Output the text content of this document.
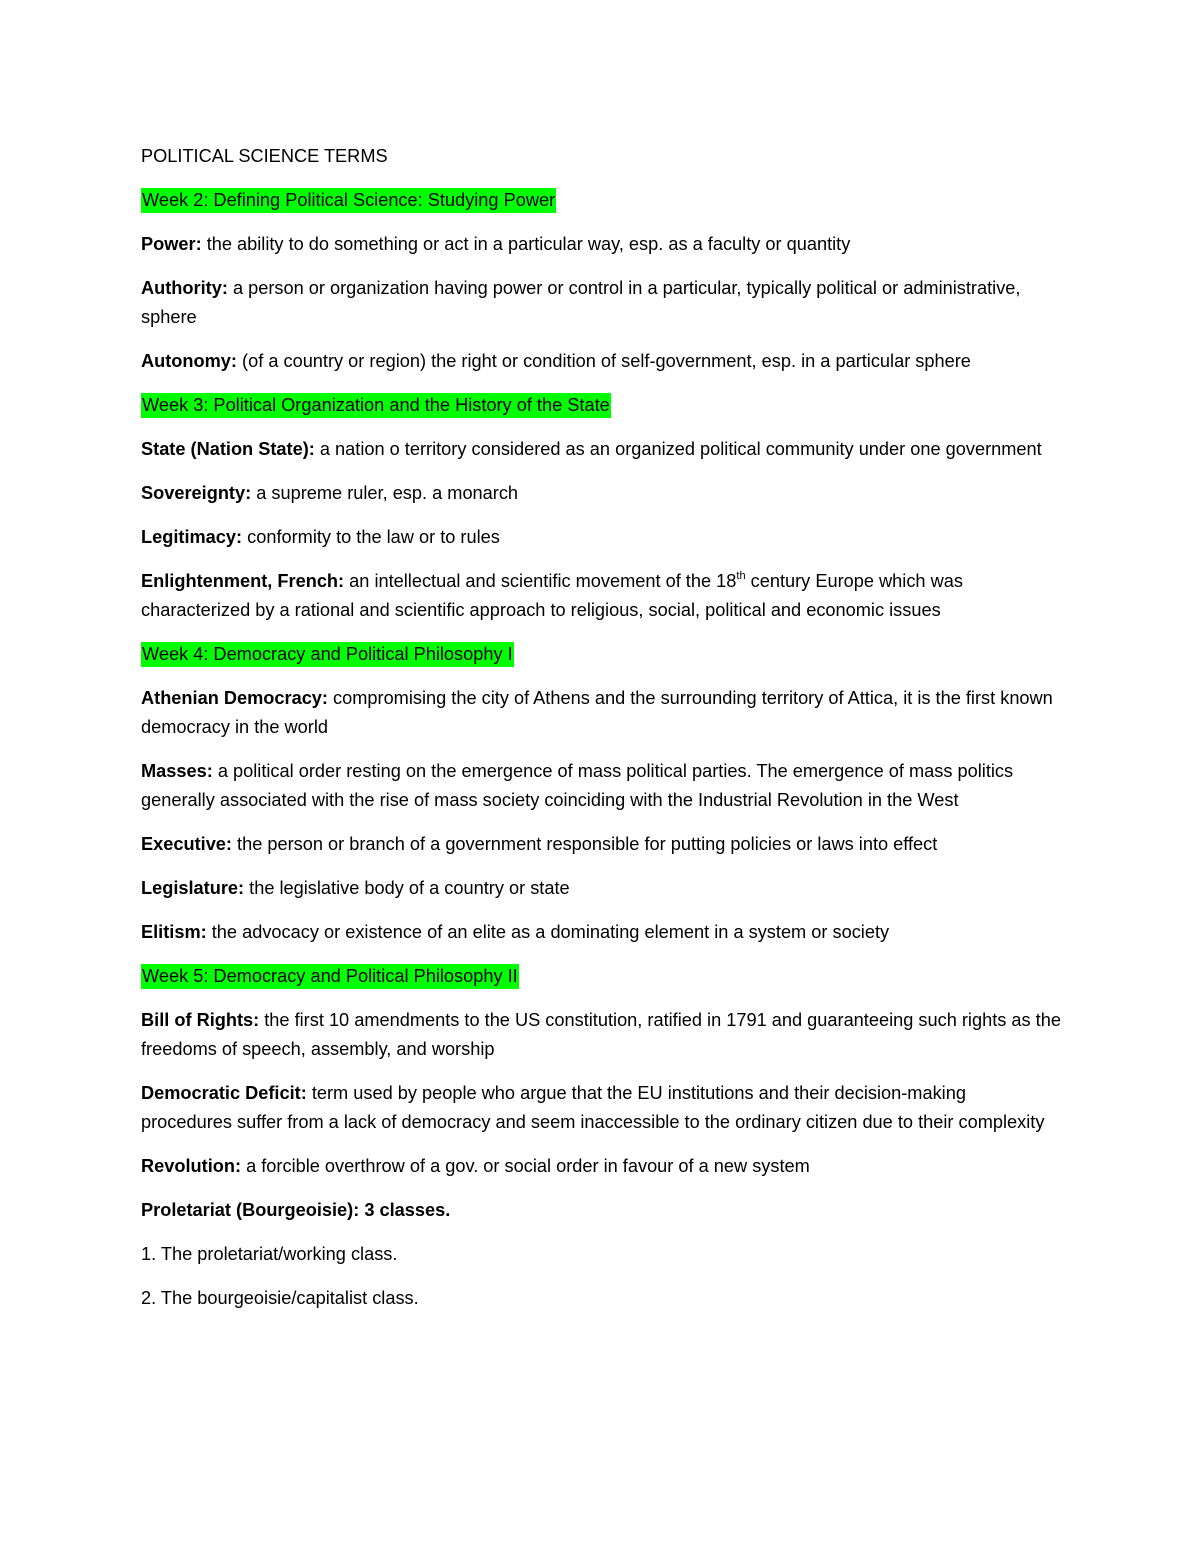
POLITICAL SCIENCE TERMS

Week 2: Defining Political Science: Studying Power

Power: the ability to do something or act in a particular way, esp. as a faculty or quantity

Authority: a person or organization having power or control in a particular, typically political or administrative, sphere

Autonomy: (of a country or region) the right or condition of self-government, esp. in a particular sphere

Week 3: Political Organization and the History of the State

State (Nation State): a nation o territory considered as an organized political community under one government

Sovereignty: a supreme ruler, esp. a monarch

Legitimacy: conformity to the law or to rules

Enlightenment, French: an intellectual and scientific movement of the 18th century Europe which was characterized by a rational and scientific approach to religious, social, political and economic issues

Week 4: Democracy and Political Philosophy I

Athenian Democracy: compromising the city of Athens and the surrounding territory of Attica, it is the first known democracy in the world

Masses: a political order resting on the emergence of mass political parties. The emergence of mass politics generally associated with the rise of mass society coinciding with the Industrial Revolution in the West

Executive: the person or branch of a government responsible for putting policies or laws into effect

Legislature: the legislative body of a country or state

Elitism: the advocacy or existence of an elite as a dominating element in a system or society

Week 5: Democracy and Political Philosophy II

Bill of Rights: the first 10 amendments to the US constitution, ratified in 1791 and guaranteeing such rights as the freedoms of speech, assembly, and worship

Democratic Deficit: term used by people who argue that the EU institutions and their decision-making procedures suffer from a lack of democracy and seem inaccessible to the ordinary citizen due to their complexity

Revolution: a forcible overthrow of a gov. or social order in favour of a new system

Proletariat (Bourgeoisie): 3 classes.

1. The proletariat/working class.

2. The bourgeoisie/capitalist class.
